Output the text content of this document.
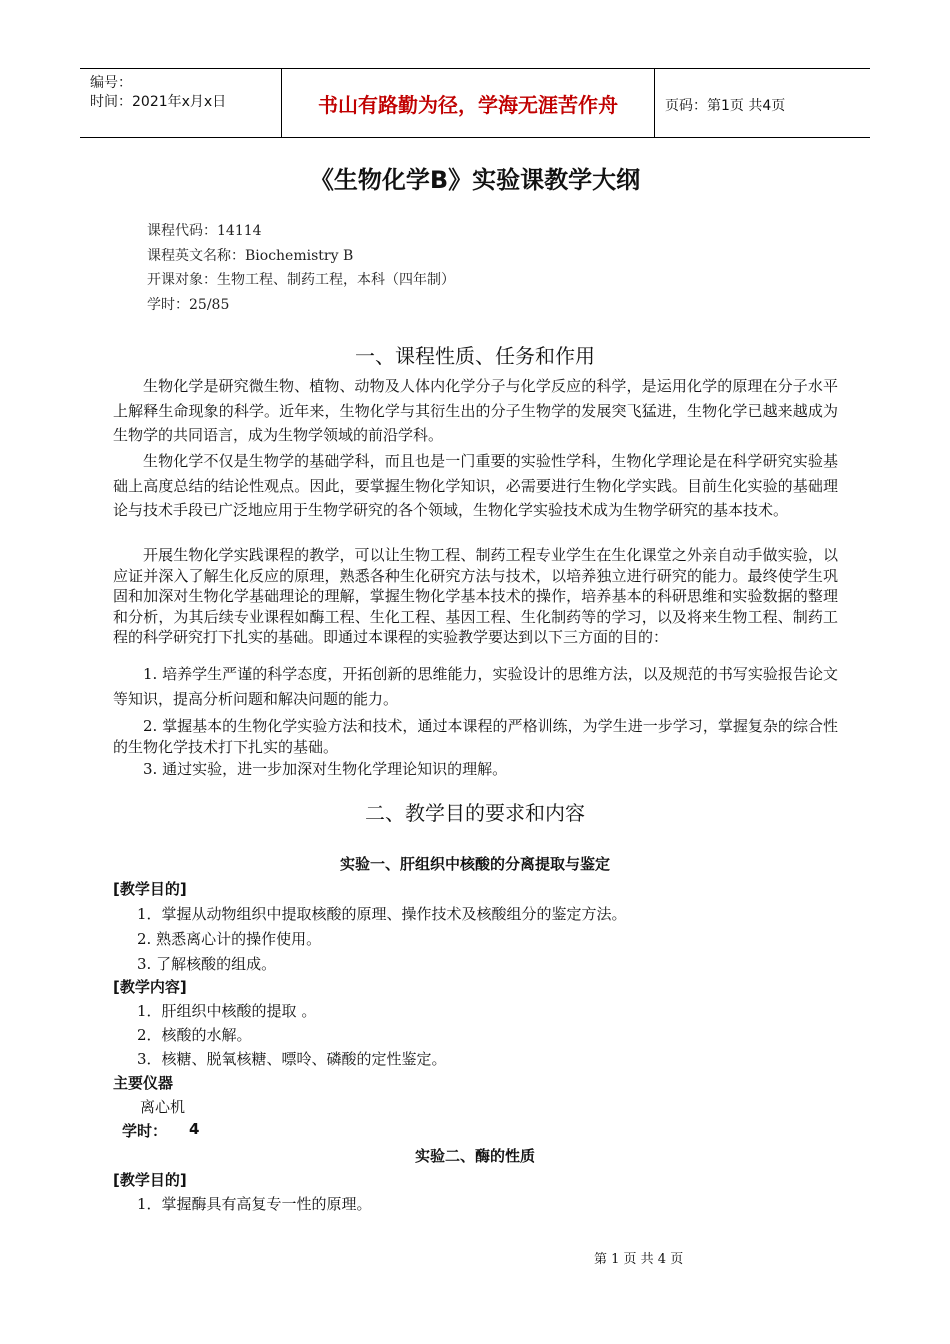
编号：
时间：2021年x月x日	书山有路勤为径，学海无涯苦作舟	页码：第1页 共4页
《生物化学B》实验课教学大纲
课程代码：14114
课程英文名称：Biochemistry B
开课对象：生物工程、制药工程，本科（四年制）
学时：25/85
一、课程性质、任务和作用

生物化学是研究微生物、植物、动物及人体内化学分子与化学反应的科学，是运用化学的原理在分子水平上解释生命现象的科学。近年来，生物化学与其衍生出的分子生物学的发展突飞猛进，生物化学已越来越成为生物学的共同语言，成为生物学领域的前沿学科。

生物化学不仅是生物学的基础学科，而且也是一门重要的实验性学科，生物化学理论是在科学研究实验基础上高度总结的结论性观点。因此，要掌握生物化学知识，必需要进行生物化学实践。目前生化实验的基础理论与技术手段已广泛地应用于生物学研究的各个领域，生物化学实验技术成为生物学研究的基本技术。

开展生物化学实践课程的教学，可以让生物工程、制药工程专业学生在生化课堂之外亲自动手做实验，以应证并深入了解生化反应的原理，熟悉各种生化研究方法与技术，以培养独立进行研究的能力。最终使学生巩固和加深对生物化学基础理论的理解，掌握生物化学基本技术的操作，培养基本的科研思维和实验数据的整理和分析，为其后续专业课程如酶工程、生化工程、基因工程、生化制药等的学习，以及将来生物工程、制药工程的科学研究打下扎实的基础。即通过本课程的实验教学要达到以下三方面的目的：

1. 培养学生严谨的科学态度，开拓创新的思维能力，实验设计的思维方法，以及规范的书写实验报告论文等知识，提高分析问题和解决问题的能力。

2. 掌握基本的生物化学实验方法和技术，通过本课程的严格训练，为学生进一步学习，掌握复杂的综合性的生物化学技术打下扎实的基础。

3. 通过实验，进一步加深对生物化学理论知识的理解。

二、教学目的要求和内容
实验一、肝组织中核酸的分离提取与鉴定
[教学目的]
1．掌握从动物组织中提取核酸的原理、操作技术及核酸组分的鉴定方法。
2. 熟悉离心计的操作使用。
3. 了解核酸的组成。
[教学内容]
1．肝组织中核酸的提取 。
2．核酸的水解。
3．核糖、脱氧核糖、嘌呤、磷酸的定性鉴定。
主要仪器
离心机
学时： 4
实验二、酶的性质
[教学目的]
1．掌握酶具有高复专一性的原理。
第 1 页 共 4 页
